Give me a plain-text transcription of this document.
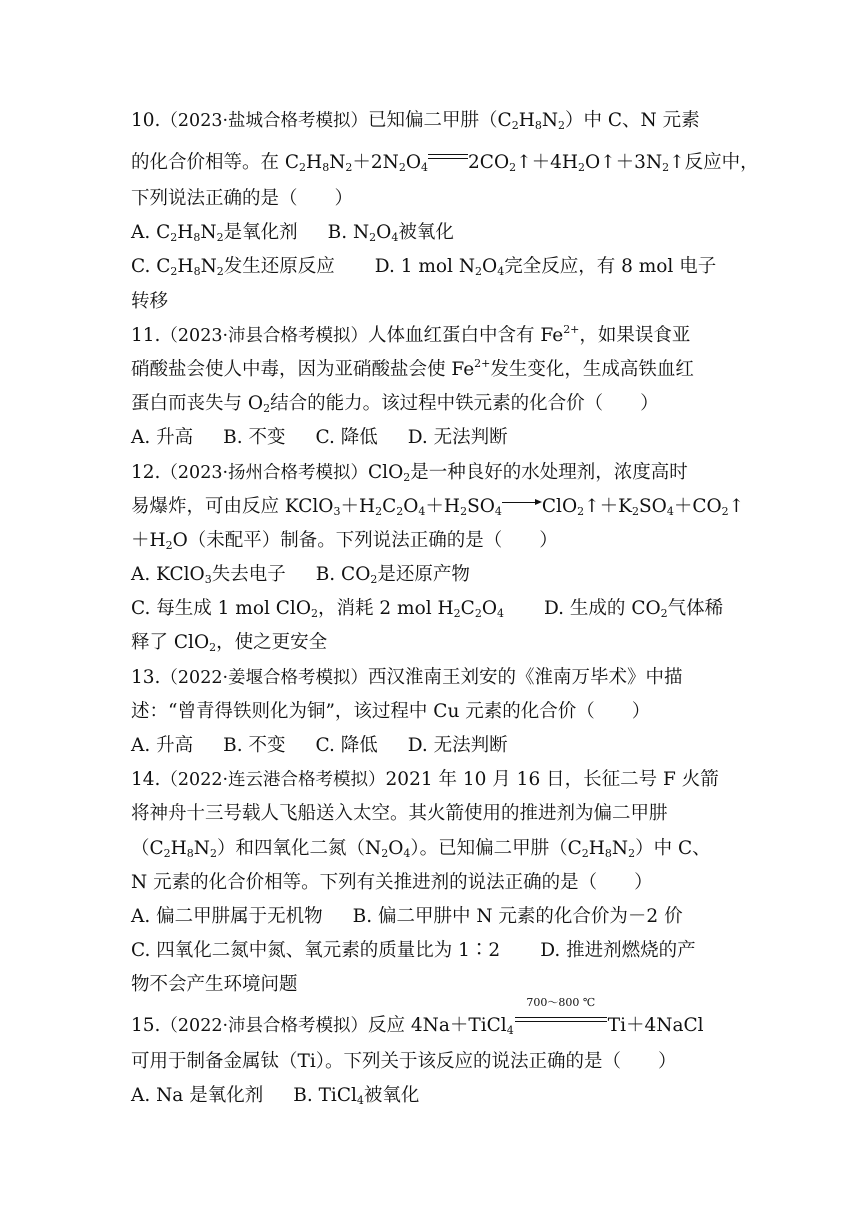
10.（2023·盐城合格考模拟）已知偏二甲肼$(C_2H_8N_2)$中 C、N 元素
的化合价相等。在 $C_2H_8N_2+2N_2O_4$ $2CO_2↑+4H_2O↑+3N_2↑$反应中，
下列说法正确的是（　　）
A. $C_2H_8N_2$是氧化剂 B. $N_2O_4$被氧化
C. $C_2H_8N_2$发生还原反应 D. 1 mol $N_2O_4$完全反应，有 8 mol 电子
转移
11.（2023·沛县合格考模拟）人体血红蛋白中含有 $Fe^{2+}$，如果误食亚
硝酸盐会使人中毒，因为亚硝酸盐会使 $Fe^{2+}$发生变化，生成高铁血红
蛋白而丧失与 $O_2$结合的能力。该过程中铁元素的化合价（　　）
A. 升高 B. 不变 C. 降低 D. 无法判断
12.（2023·扬州合格考模拟）ClO$_2$是一种良好的水处理剂，浓度高时
易爆炸，可由反应 $KClO_3+H_2C_2O_4+H_2SO_4$ $ClO_2↑+K_2SO_4+CO_2↑$
$+H_2O$（未配平）制备。下列说法正确的是（　　）
A. KClO$_3$失去电子 B. $CO_2$是还原产物
C. 每生成 1 mol ClO$_2$，消耗 2 mol $H_2C_2O_4$ D. 生成的 $CO_2$气体稀
释了 ClO$_2$，使之更安全
13.（2022·姜堰合格考模拟）西汉淮南王刘安的《淮南万毕术》中描
述：“曾青得铁则化为铜”，该过程中 Cu 元素的化合价（　　）
A. 升高 B. 不变 C. 降低 D. 无法判断
14.（2022·连云港合格考模拟）2021 年 10 月 16 日，长征二号 F 火箭
将神舟十三号载人飞船送入太空。其火箭使用的推进剂为偏二甲肼
$(C_2H_8N_2)$和四氧化二氮$(N_2O_4)$。已知偏二甲肼$(C_2H_8N_2)$中 C、
N 元素的化合价相等。下列有关推进剂的说法正确的是（　　）
A. 偏二甲肼属于无机物 B. 偏二甲肼中 N 元素的化合价为－2 价
C. 四氧化二氮中氮、氧元素的质量比为 1∶2 D. 推进剂燃烧的产
物不会产生环境问题
15.（2022·沛县合格考模拟）反应 4Na＋TiCl$_4$
700～800 ℃
Ti＋4NaCl
可用于制备金属钛（Ti）。下列关于该反应的说法正确的是（　　）
A. Na 是氧化剂 B. TiCl$_4$被氧化
